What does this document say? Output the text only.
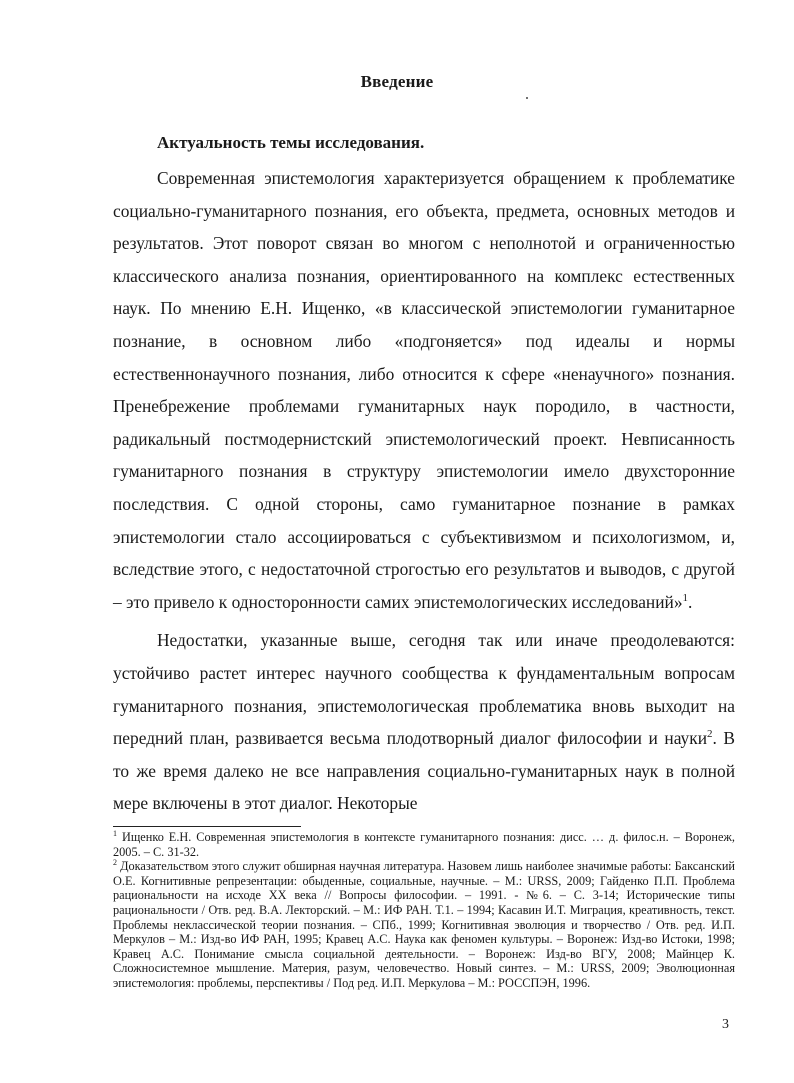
Введение
Актуальность темы исследования.

Современная эпистемология характеризуется обращением к проблематике социально-гуманитарного познания, его объекта, предмета, основных методов и результатов. Этот поворот связан во многом с неполнотой и ограниченностью классического анализа познания, ориентированного на комплекс естественных наук. По мнению Е.Н. Ищенко, «в классической эпистемологии гуманитарное познание, в основном либо «подгоняется» под идеалы и нормы естественнонаучного познания, либо относится к сфере «ненаучного» познания. Пренебрежение проблемами гуманитарных наук породило, в частности, радикальный постмодернистский эпистемологический проект. Невписанность гуманитарного познания в структуру эпистемологии имело двухсторонние последствия. С одной стороны, само гуманитарное познание в рамках эпистемологии стало ассоциироваться с субъективизмом и психологизмом, и, вследствие этого, с недостаточной строгостью его результатов и выводов, с другой – это привело к односторонности самих эпистемологических исследований»$^1$.

Недостатки, указанные выше, сегодня так или иначе преодолеваются: устойчиво растет интерес научного сообщества к фундаментальным вопросам гуманитарного познания, эпистемологическая проблематика вновь выходит на передний план, развивается весьма плодотворный диалог философии и науки$^2$. В то же время далеко не все направления социально-гуманитарных наук в полной мере включены в этот диалог. Некоторые

$^1$ Ищенко Е.Н. Современная эпистемология в контексте гуманитарного познания: дисс. … д. филос.н. – Воронеж, 2005. – С. 31-32.

$^2$ Доказательством этого служит обширная научная литература. Назовем лишь наиболее значимые работы: Баксанский О.Е. Когнитивные репрезентации: обыденные, социальные, научные. – М.: URSS, 2009; Гайденко П.П. Проблема рациональности на исходе XX века // Вопросы философии. – 1991. - №6. – С. 3-14; Исторические типы рациональности / Отв. ред. В.А. Лекторский. – М.: ИФ РАН. Т.1. – 1994; Касавин И.Т. Миграция, креативность, текст. Проблемы неклассической теории познания. – СПб., 1999; Когнитивная эволюция и творчество / Отв. ред. И.П. Меркулов – М.: Изд-во ИФ РАН, 1995; Кравец А.С. Наука как феномен культуры. – Воронеж: Изд-во Истоки, 1998; Кравец А.С. Понимание смысла социальной деятельности. – Воронеж: Изд-во ВГУ, 2008; Майнцер К. Сложносистемное мышление. Материя, разум, человечество. Новый синтез. – М.: URSS, 2009; Эволюционная эпистемология: проблемы, перспективы / Под ред. И.П. Меркулова – М.: РОССПЭН, 1996.

3
